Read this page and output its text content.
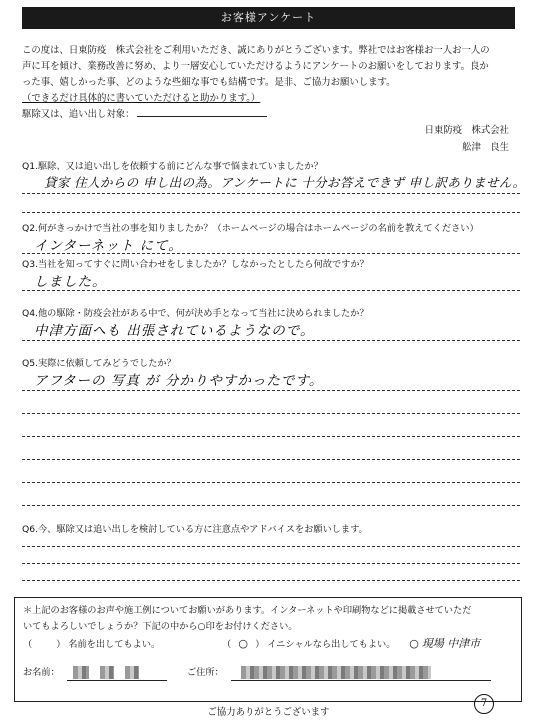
お客様アンケート
この度は、日東防疫　株式会社をご利用いただき、誠にありがとうございます。弊社ではお客様お一人お一人の
声に耳を傾け、業務改善に努め、より一層安心していただけるようにアンケートのお願いをしております。良か
った事、嬉しかった事、どのような些細な事でも結構です。是非、ご協力お願いします。
（できるだけ具体的に書いていただけると助かります。）
駆除又は、追い出し対象：
日東防疫　株式会社
舩津　良生
Q1.駆除、又は追い出しを依頼する前にどんな事で悩まれていましたか？
貸家 住人からの 申し出の為。アンケートに 十分お答えできず 申し訳ありません。
Q2.何がきっかけで当社の事を知りましたか？（ホームページの場合はホームページの名前を教えてください）
インターネット にて。
Q3.当社を知ってすぐに問い合わせをしましたか？しなかったとしたら何故ですか？
しました。
Q4.他の駆除・防疫会社がある中で、何が決め手となって当社に決められましたか？
中津方面へも 出張されているようなので。
Q5.実際に依頼してみどうでしたか？
アフターの 写真 が 分かりやすかったです。
Q6.今、駆除又は追い出しを検討している方に注意点やアドバイスをお願いします。
＊上記のお客様のお声や施工例についてお願いがあります。インターネットや印刷物などに掲載させていただ
いてもよろしいでしょうか？下記の中から○印をお付けください。
（	） 名前を出してもよい。	（ ○ ） イニシャルなら出してもよい。 ○ 現場 中津市
お名前：	ご住所：
ご協力ありがとうございます
7
